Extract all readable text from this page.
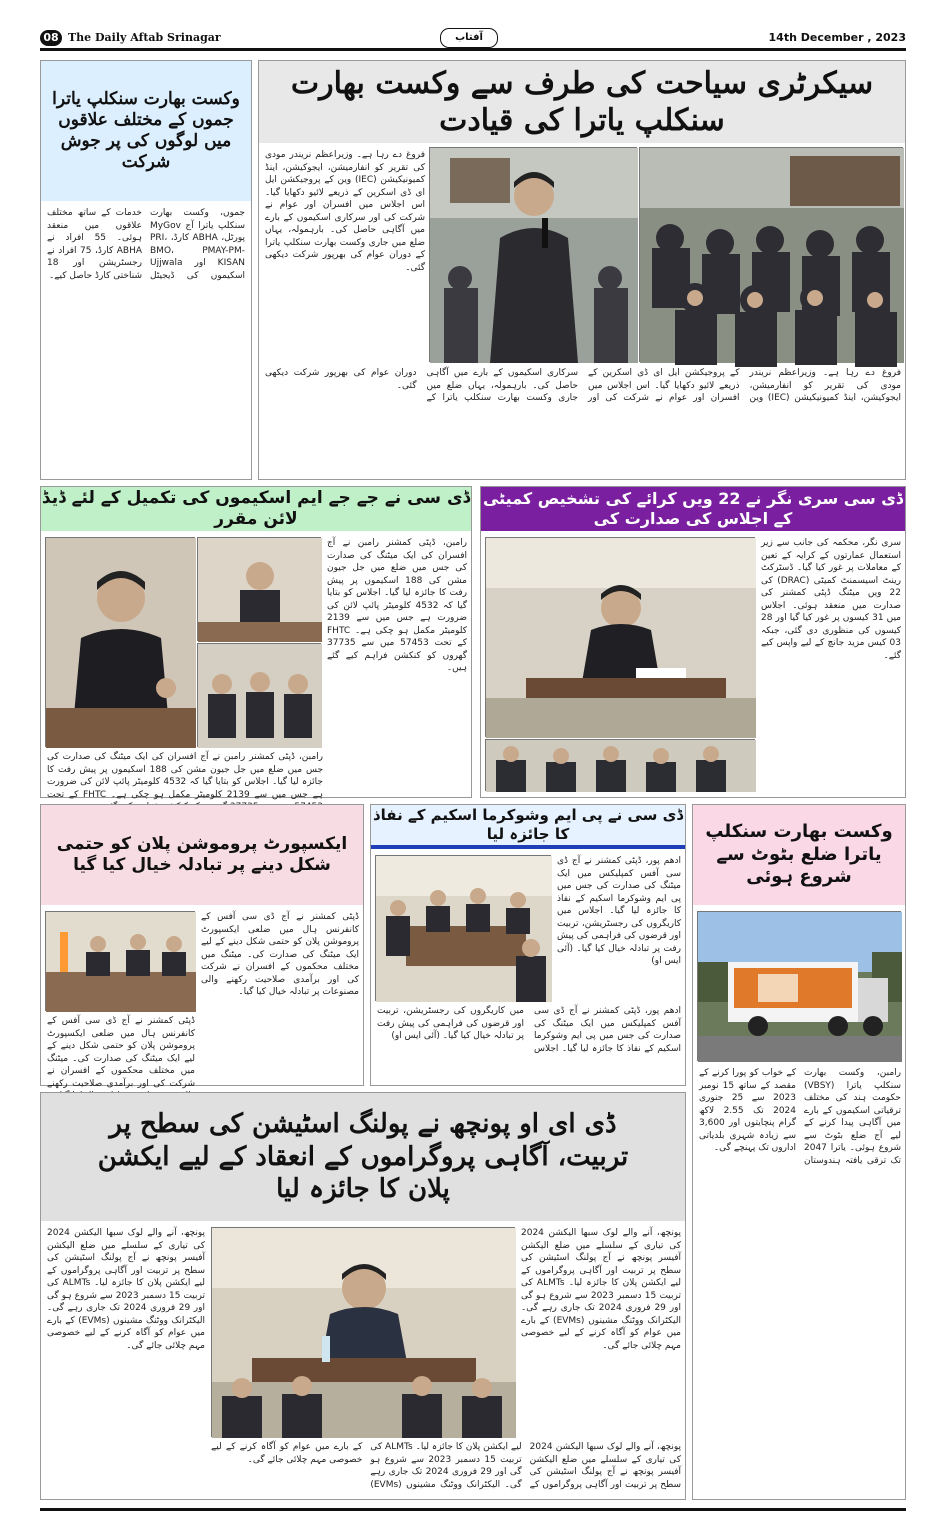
08 The Daily Aftab Srinagar	آفتاب	14th December , 2023
سیکرٹری سیاحت کی طرف سے وکست بھارت سنکلپ یاترا کی قیادت
فروغ دے رہا ہے۔ وزیراعظم نریندر مودی کی تقریر کو انفارمیشن، ایجوکیشن، اینڈ کمیونیکیشن (IEC) وین کے پروجیکشن ایل ای ڈی اسکرین کے ذریعے لائیو دکھایا گیا۔ اس اجلاس میں افسران اور عوام نے شرکت کی اور سرکاری اسکیموں کے بارے میں آگاہی حاصل کی۔ بارہمولہ، یہاں ضلع میں جاری وکست بھارت سنکلپ یاترا کے دوران عوام کی بھرپور شرکت دیکھی گئی۔
فروغ دے رہا ہے۔ وزیراعظم نریندر مودی کی تقریر کو انفارمیشن، ایجوکیشن، اینڈ کمیونیکیشن (IEC) وین کے پروجیکشن ایل ای ڈی اسکرین کے ذریعے لائیو دکھایا گیا۔ اس اجلاس میں افسران اور عوام نے شرکت کی اور سرکاری اسکیموں کے بارے میں آگاہی حاصل کی۔ بارہمولہ، یہاں ضلع میں جاری وکست بھارت سنکلپ یاترا کے دوران عوام کی بھرپور شرکت دیکھی گئی۔
وکست بھارت سنکلپ یاترا جموں کے مختلف علاقوں میں لوگوں کی پر جوش شرکت
جموں، وکست بھارت سنکلپ یاترا آج MyGov پورٹل، ABHA کارڈ، PRI، BMO، PMAY-PM-KISAN اور Ujjwala اسکیموں کی ڈیجیٹل خدمات کے ساتھ مختلف علاقوں میں منعقد ہوئی۔ 55 افراد نے ABHA کارڈ، 75 افراد نے رجسٹریشن اور 18 شناختی کارڈ حاصل کیے۔
ڈی سی سری نگر نے 22 ویں کرائے کی تشخیص کمیٹی کے اجلاس کی صدارت کی
سری نگر، محکمہ کی جانب سے زیر استعمال عمارتوں کے کرایہ کے تعین کے معاملات پر غور کیا گیا۔ ڈسٹرکٹ رینٹ اسیسمنٹ کمیٹی (DRAC) کی 22 ویں میٹنگ ڈپٹی کمشنر کی صدارت میں منعقد ہوئی۔ اجلاس میں 31 کیسوں پر غور کیا گیا اور 28 کیسوں کی منظوری دی گئی، جبکہ 03 کیس مزید جانچ کے لیے واپس کیے گئے۔
ڈی سی نے جے جے ایم اسکیموں کی تکمیل کے لئے ڈیڈ لائن مقرر
رامبن، ڈپٹی کمشنر رامبن نے آج افسران کی ایک میٹنگ کی صدارت کی جس میں ضلع میں جل جیون مشن کی 188 اسکیموں پر پیش رفت کا جائزہ لیا گیا۔ اجلاس کو بتایا گیا کہ 4532 کلومیٹر پائپ لائن کی ضرورت ہے جس میں سے 2139 کلومیٹر مکمل ہو چکی ہے۔ FHTC کے تحت 57453 میں سے 37735 گھروں کو کنکشن فراہم کیے گئے ہیں۔
رامبن، ڈپٹی کمشنر رامبن نے آج افسران کی ایک میٹنگ کی صدارت کی جس میں ضلع میں جل جیون مشن کی 188 اسکیموں پر پیش رفت کا جائزہ لیا گیا۔ اجلاس کو بتایا گیا کہ 4532 کلومیٹر پائپ لائن کی ضرورت ہے جس میں سے 2139 کلومیٹر مکمل ہو چکی ہے۔ FHTC کے تحت
ایکسپورٹ پروموشن پلان کو حتمی شکل دینے پر تبادلہ خیال کیا گیا
ڈپٹی کمشنر نے آج ڈی سی آفس کے کانفرنس ہال میں ضلعی ایکسپورٹ پروموشن پلان کو حتمی شکل دینے کے لیے ایک میٹنگ کی صدارت کی۔ میٹنگ میں مختلف محکموں کے افسران نے شرکت کی اور برآمدی صلاحیت رکھنے والی مصنوعات پر تبادلہ خیال کیا گیا۔
ڈپٹی کمشنر نے آج ڈی سی آفس کے کانفرنس ہال میں ضلعی ایکسپورٹ پروموشن پلان کو حتمی شکل دینے کے لیے ایک میٹنگ کی صدارت کی۔ میٹنگ میں مختلف محکموں کے افسران نے شرکت کی اور برآمدی صلاحیت رکھنے
ڈی سی نے پی ایم وشوکرما اسکیم کے نفاذ کا جائزہ لیا
ادھم پور، ڈپٹی کمشنر نے آج ڈی سی آفس کمپلیکس میں ایک میٹنگ کی صدارت کی جس میں پی ایم وشوکرما اسکیم کے نفاذ کا جائزہ لیا گیا۔ اجلاس میں کاریگروں کی رجسٹریشن، تربیت اور قرضوں کی فراہمی کی پیش رفت پر تبادلہ خیال کیا گیا۔ (آئی ایس او)
ادھم پور، ڈپٹی کمشنر نے آج ڈی سی آفس کمپلیکس میں ایک میٹنگ کی صدارت کی جس میں پی ایم وشوکرما اسکیم کے نفاذ کا جائزہ لیا گیا۔ اجلاس میں کاریگروں کی رجسٹریشن، تربیت اور قرضوں کی فراہمی کی پیش رفت پر تبادلہ خیال کیا گیا۔ (آئی ایس او)
وکست بھارت سنکلپ یاترا ضلع بٹوٹ سے شروع ہوئی
رامبن، وکست بھارت سنکلپ یاترا (VBSY) حکومت ہند کی مختلف ترقیاتی اسکیموں کے بارے میں آگاہی پیدا کرنے کے لیے آج ضلع بٹوٹ سے شروع ہوئی۔ یاترا 2047 تک ترقی یافتہ ہندوستان کے خواب کو پورا کرنے کے مقصد کے ساتھ 15 نومبر 2023 سے 25 جنوری 2024 تک 2.55 لاکھ گرام پنچایتوں اور 3,600 سے زیادہ شہری بلدیاتی اداروں تک پہنچے گی۔
ڈی ای او پونچھ نے پولنگ اسٹیشن کی سطح پر تربیت، آگاہی پروگراموں کے انعقاد کے لیے ایکشن پلان کا جائزہ لیا
پونچھ، آنے والے لوک سبھا الیکشن 2024 کی تیاری کے سلسلے میں ضلع الیکشن آفیسر پونچھ نے آج پولنگ اسٹیشن کی سطح پر تربیت اور آگاہی پروگراموں کے لیے ایکشن پلان کا جائزہ لیا۔ ALMTs کی تربیت 15 دسمبر 2023 سے شروع ہو گی اور 29 فروری 2024 تک جاری رہے گی۔ الیکٹرانک ووٹنگ مشینوں (EVMs) کے بارے میں عوام کو آگاہ کرنے کے لیے خصوصی مہم چلائی جائے گی۔
پونچھ، آنے والے لوک سبھا الیکشن 2024 کی تیاری کے سلسلے میں ضلع الیکشن آفیسر پونچھ نے آج پولنگ اسٹیشن کی سطح پر تربیت اور آگاہی پروگراموں کے لیے ایکشن پلان کا جائزہ لیا۔ ALMTs کی تربیت 15 دسمبر 2023 سے شروع ہو گی اور 29 فروری 2024 تک جاری رہے گی۔ الیکٹرانک ووٹنگ مشینوں (EVMs) کے بارے میں عوام کو آگاہ کرنے کے لیے خصوصی مہم چلائی جائے گی۔
پونچھ، آنے والے لوک سبھا الیکشن 2024 کی تیاری کے سلسلے میں ضلع الیکشن آفیسر پونچھ نے آج پولنگ اسٹیشن کی سطح پر تربیت اور آگاہی پروگراموں کے لیے ایکشن پلان کا جائزہ لیا۔ ALMTs کی تربیت 15 دسمبر 2023 سے شروع ہو گی اور 29 فروری 2024 تک جاری رہے گی۔ الیکٹرانک ووٹنگ مشینوں (EVMs) کے بارے میں عوام کو آگاہ کرنے کے لیے خصوصی مہم چلائی جائے گی۔
